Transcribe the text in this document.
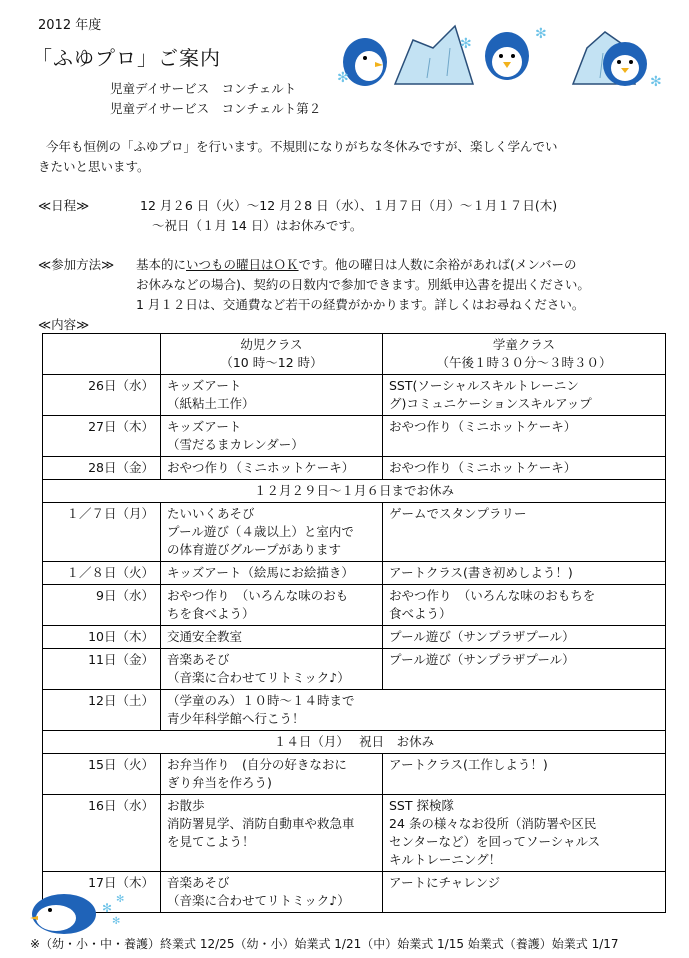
2012 年度
「ふゆプロ」ご案内
児童デイサービス　コンチェルト
児童デイサービス　コンチェルト第２
✻
✻
✻
✻
今年も恒例の「ふゆプロ」を行います。不規則になりがちな冬休みですが、楽しく学んでい
きたいと思います。
≪日程≫	12 月２6 日（火）～12 月２8 日（水）、１月７日（月）～１月１７日(木)
～祝日（１月 14 日）はお休みです。
≪参加方法≫ 基本的にいつもの曜日はＯＫです。他の曜日は人数に余裕があれば(メンバーの
お休みなどの場合)、契約の日数内で参加できます。別紙申込書を提出ください。
1 月１２日は、交通費など若干の経費がかかります。詳しくはお尋ねください。
≪内容≫
	幼児クラス
（10 時～12 時）	学童クラス
（午後１時３０分～３時３０）
26日（水）	キッズアート
（紙粘土工作）	SST(ソーシャルスキルトレーニン
グ)コミュニケーションスキルアップ
27日（木）	キッズアート
（雪だるまカレンダー）	おやつ作り（ミニホットケーキ）
28日（金）	おやつ作り（ミニホットケーキ）	おやつ作り（ミニホットケーキ）
１２月２９日～１月６日までお休み		
１／７日（月）	たいいくあそび
プール遊び（４歳以上）と室内で
の体育遊びグループがあります	ゲームでスタンプラリー
１／８日（火）	キッズアート（絵馬にお絵描き）	アートクラス(書き初めしよう！)
9日（水）	おやつ作り　（いろんな味のおも
ちを食べよう）	おやつ作り　（いろんな味のおもちを
食べよう）
10日（木）	交通安全教室	プール遊び（サンプラザプール）
11日（金）	音楽あそび
（音楽に合わせてリトミック♪）	プール遊び（サンプラザプール）
12日（土）	（学童のみ）１０時～１４時まで
青少年科学館へ行こう！	
１４日（月）　 祝日　お休み		
15日（火）	お弁当作り　(自分の好きなおに
ぎり弁当を作ろう)	アートクラス(工作しよう！)
16日（水）	お散歩
消防署見学、消防自動車や救急車
を見てこよう！	SST 探検隊
24 条の様々なお役所（消防署や区民
センターなど）を回ってソーシャルス
キルトレーニング！
17日（木）	音楽あそび
（音楽に合わせてリトミック♪）	アートにチャレンジ
✻
✻
✻
※（幼・小・中・養護）終業式 12/25（幼・小）始業式 1/21（中）始業式 1/15 始業式（養護）始業式 1/17
